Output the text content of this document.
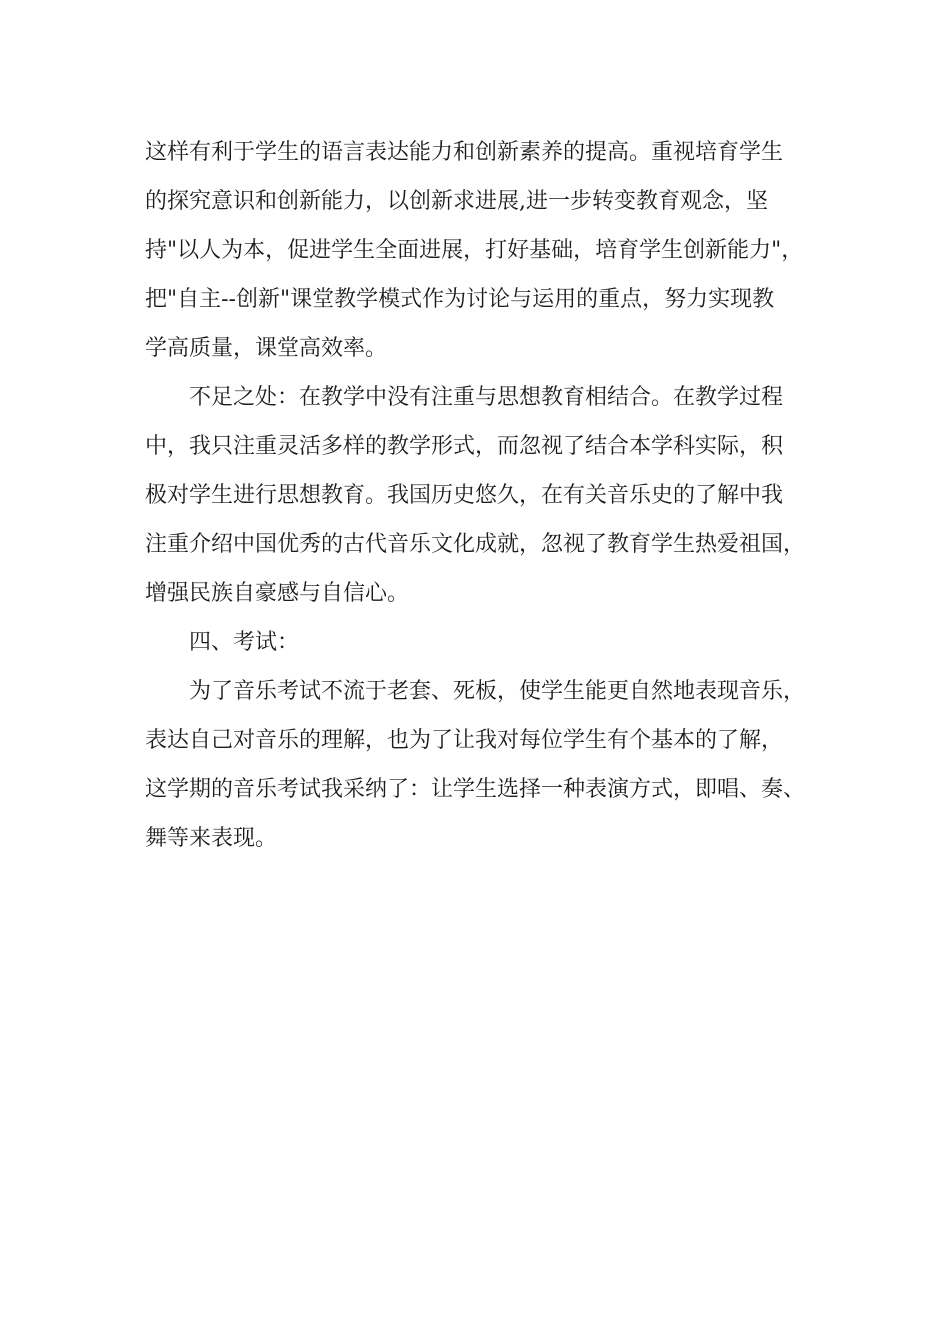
这样有利于学生的语言表达能力和创新素养的提高。重视培育学生
的探究意识和创新能力，以创新求进展,进一步转变教育观念，坚
持"以人为本，促进学生全面进展，打好基础，培育学生创新能力"，
把"自主--创新"课堂教学模式作为讨论与运用的重点，努力实现教
学高质量，课堂高效率。
不足之处：在教学中没有注重与思想教育相结合。在教学过程
中，我只注重灵活多样的教学形式，而忽视了结合本学科实际，积
极对学生进行思想教育。我国历史悠久，在有关音乐史的了解中我
注重介绍中国优秀的古代音乐文化成就，忽视了教育学生热爱祖国，
增强民族自豪感与自信心。
四、考试：
为了音乐考试不流于老套、死板，使学生能更自然地表现音乐，
表达自己对音乐的理解，也为了让我对每位学生有个基本的了解，
这学期的音乐考试我采纳了：让学生选择一种表演方式，即唱、奏、
舞等来表现。
